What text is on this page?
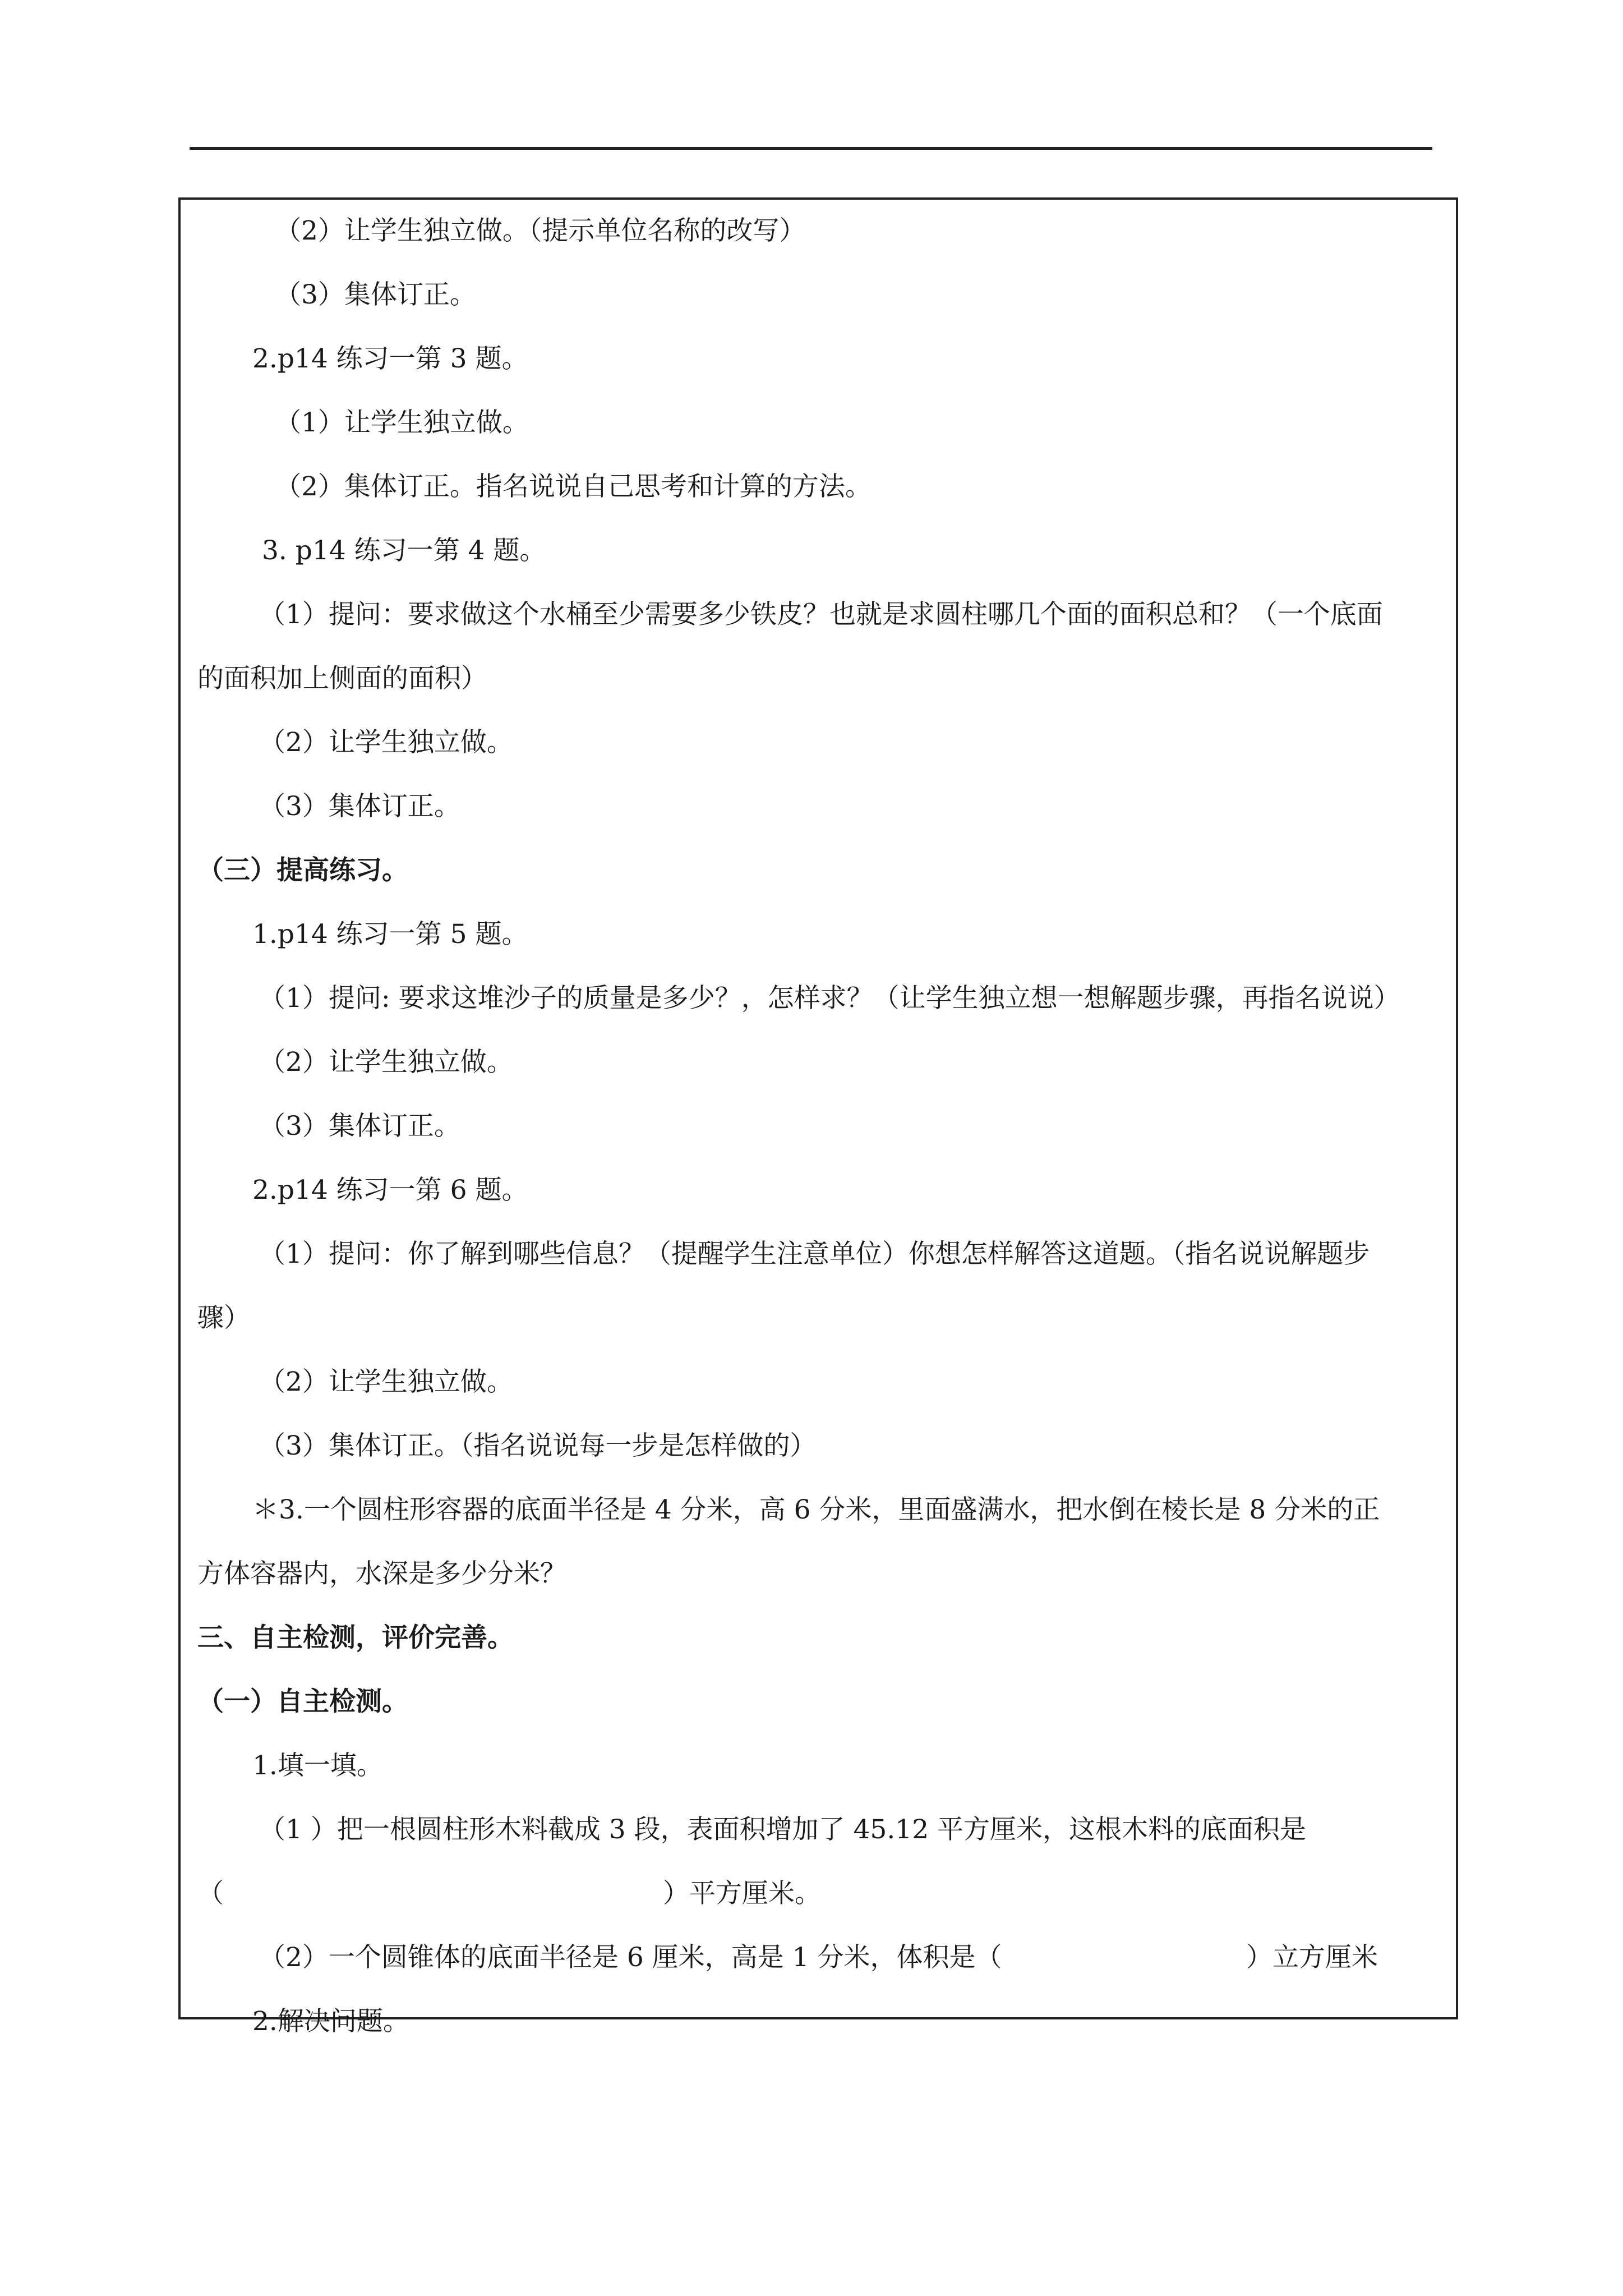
（2）让学生独立做。（提示单位名称的改写）
（3）集体订正。
2.p14 练习一第 3 题。
（1）让学生独立做。
（2）集体订正。指名说说自己思考和计算的方法。
3. p14 练习一第 4 题。
（1）提问：要求做这个水桶至少需要多少铁皮？也就是求圆柱哪几个面的面积总和？（一个底面
的面积加上侧面的面积）
（2）让学生独立做。
（3）集体订正。
（三）提高练习。
1.p14 练习一第 5 题。
（1）提问: 要求这堆沙子的质量是多少？，怎样求？（让学生独立想一想解题步骤，再指名说说）
（2）让学生独立做。
（3）集体订正。
2.p14 练习一第 6 题。
（1）提问：你了解到哪些信息？（提醒学生注意单位）你想怎样解答这道题。（指名说说解题步
骤）
（2）让学生独立做。
（3）集体订正。（指名说说每一步是怎样做的）
＊3.一个圆柱形容器的底面半径是 4 分米，高 6 分米，里面盛满水，把水倒在棱长是 8 分米的正
方体容器内，水深是多少分米？
三、自主检测，评价完善。
（一）自主检测。
1.填一填。
（1 ）把一根圆柱形木料截成 3 段，表面积增加了 45.12 平方厘米，这根木料的底面积是
（	）平方厘米。
（2）一个圆锥体的底面半径是 6 厘米，高是 1 分米，体积是（	）立方厘米
2.解决问题。
